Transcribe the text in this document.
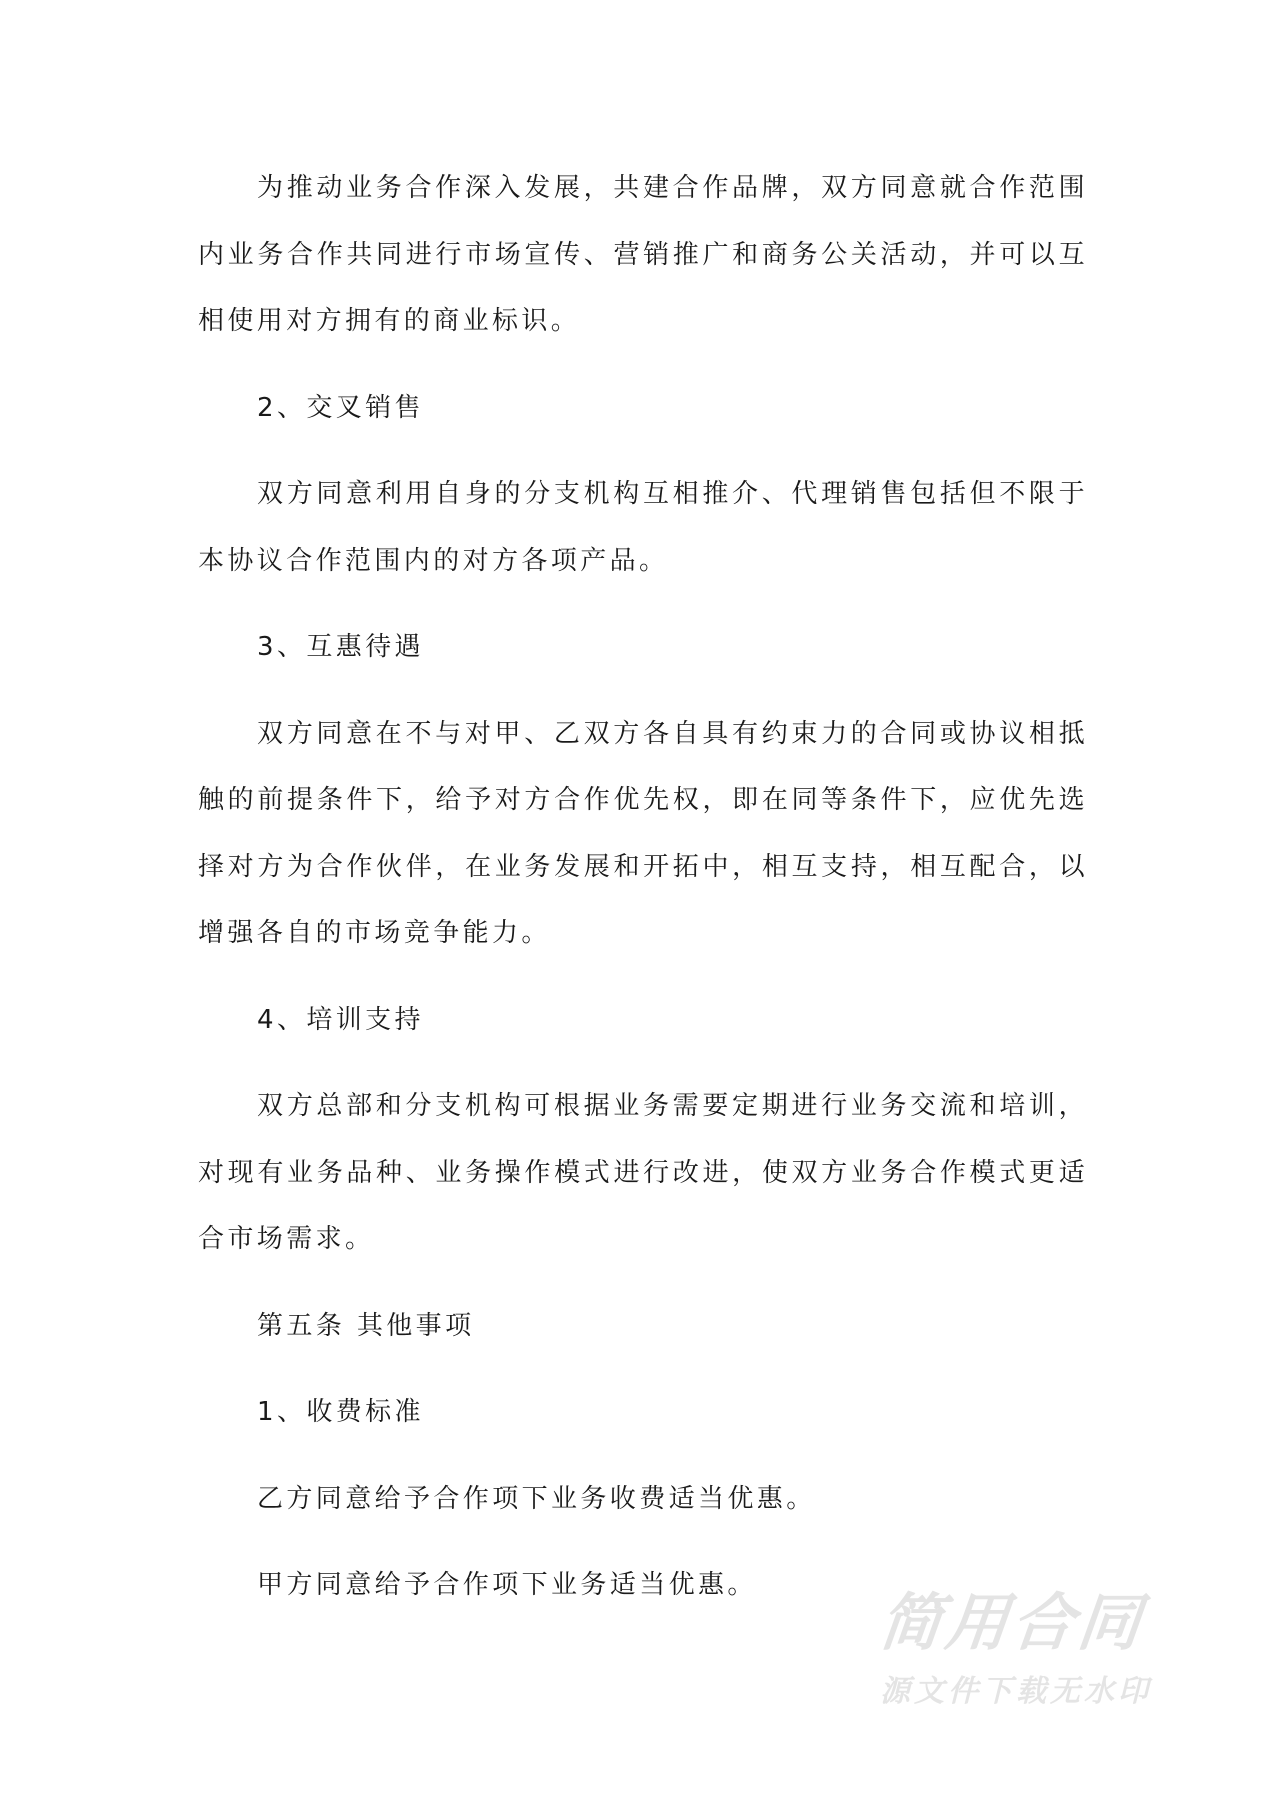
为推动业务合作深入发展，共建合作品牌，双方同意就合作范围内业务合作共同进行市场宣传、营销推广和商务公关活动，并可以互相使用对方拥有的商业标识。

2、交叉销售

双方同意利用自身的分支机构互相推介、代理销售包括但不限于本协议合作范围内的对方各项产品。

3、互惠待遇

双方同意在不与对甲、乙双方各自具有约束力的合同或协议相抵触的前提条件下，给予对方合作优先权，即在同等条件下，应优先选择对方为合作伙伴，在业务发展和开拓中，相互支持，相互配合，以增强各自的市场竞争能力。

4、培训支持

双方总部和分支机构可根据业务需要定期进行业务交流和培训，对现有业务品种、业务操作模式进行改进，使双方业务合作模式更适合市场需求。

第五条 其他事项

1、收费标准

乙方同意给予合作项下业务收费适当优惠。

甲方同意给予合作项下业务适当优惠。

简用合同
源文件下载无水印
